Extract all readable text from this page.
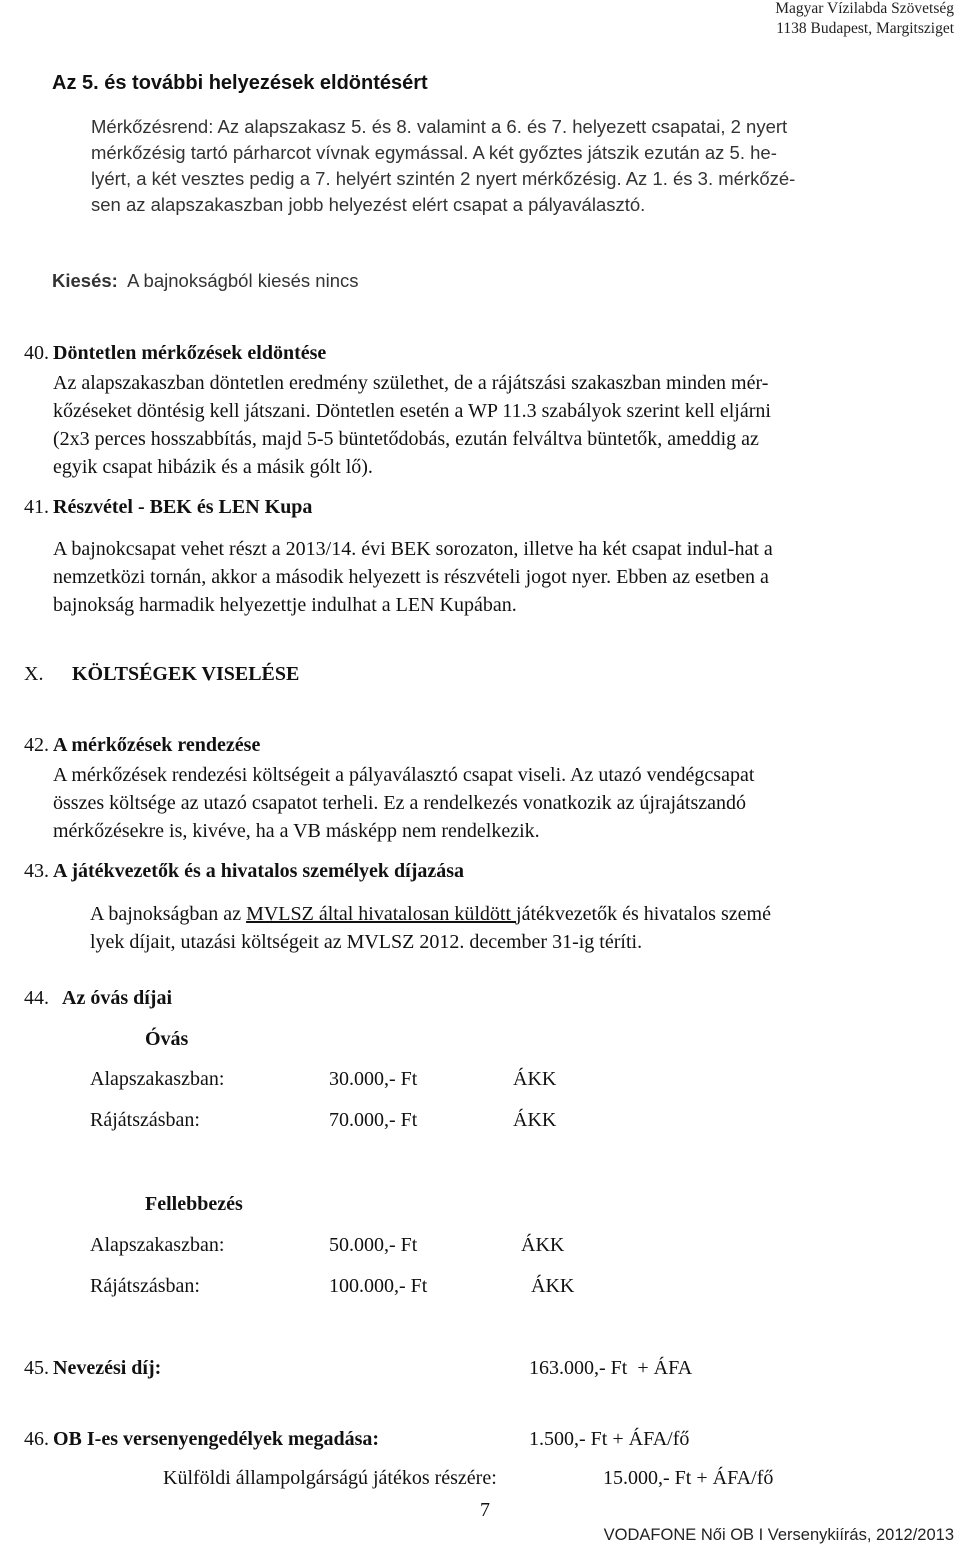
Magyar Vízilabda Szövetség
1138 Budapest, Margitsziget
Az 5. és további helyezések eldöntésért
Mérkőzésrend: Az alapszakasz 5. és 8. valamint a 6. és 7. helyezett csapatai, 2 nyert
mérkőzésig tartó párharcot vívnak egymással. A két győztes játszik ezután az 5. he-
lyért, a két vesztes pedig a 7. helyért szintén 2 nyert mérkőzésig. Az 1. és 3. mérkőzé-
sen az alapszakaszban jobb helyezést elért csapat a pályaválasztó.
Kiesés: A bajnokságból kiesés nincs
40. Döntetlen mérkőzések eldöntése
Az alapszakaszban döntetlen eredmény születhet, de a rájátszási szakaszban minden mér-
kőzéseket döntésig kell játszani. Döntetlen esetén a WP 11.3 szabályok szerint kell eljárni
(2x3 perces hosszabbítás, majd 5-5 büntetődobás, ezután felváltva büntetők, ameddig az
egyik csapat hibázik és a másik gólt lő).
41. Részvétel - BEK és LEN Kupa
A bajnokcsapat vehet részt a 2013/14. évi BEK sorozaton, illetve ha két csapat indul-hat a
nemzetközi tornán, akkor a második helyezett is részvételi jogot nyer. Ebben az esetben a
bajnokság harmadik helyezettje indulhat a LEN Kupában.
X. KÖLTSÉGEK VISELÉSE
42. A mérkőzések rendezése
A mérkőzések rendezési költségeit a pályaválasztó csapat viseli. Az utazó vendégcsapat
összes költsége az utazó csapatot terheli. Ez a rendelkezés vonatkozik az újrajátszandó
mérkőzésekre is, kivéve, ha a VB másképp nem rendelkezik.
43. A játékvezetők és a hivatalos személyek díjazása
A bajnokságban az MVLSZ által hivatalosan küldött játékvezetők és hivatalos szemé
lyek díjait, utazási költségeit az MVLSZ 2012. december 31-ig téríti.
44. Az óvás díjai
Óvás
Alapszakaszban:	30.000,- Ft	ÁKK
Rájátszásban:	70.000,- Ft	ÁKK
Fellebbezés
Alapszakaszban:	50.000,- Ft	ÁKK
Rájátszásban:	100.000,- Ft	ÁKK
45. Nevezési díj:	163.000,- Ft  + ÁFA
46. OB I-es versenyengedélyek megadása:	1.500,- Ft + ÁFA/fő
Külföldi állampolgárságú játékos részére:	15.000,- Ft + ÁFA/fő
7
VODAFONE Női OB I Versenykiírás, 2012/2013
